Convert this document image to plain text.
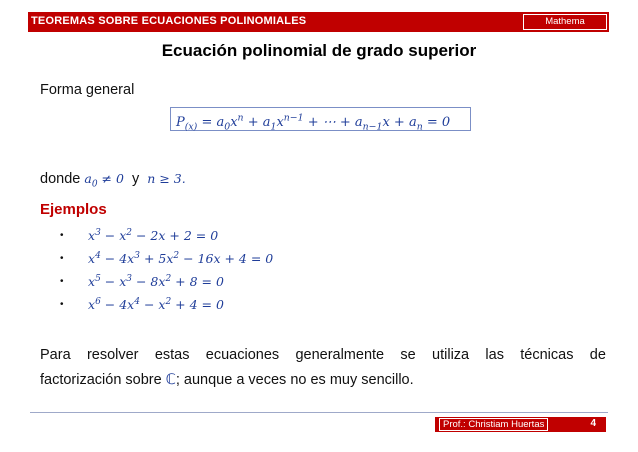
TEOREMAS SOBRE ECUACIONES POLINOMIALES	Mathema
Ecuación polinomial de grado superior
Forma general
$P_{(x)} = a_0x^n + a_1x^{n-1}$ + ⋯ + $a_{n-1}x + a_n = 0$
donde $a_0 \ne 0$ y n ≥ 3.
Ejemplos
• $x^3 - x^2 - 2x + 2 = 0$
• $x^4 - 4x^3 + 5x^2 - 16x + 4 = 0$
• $x^5 - x^3 - 8x^2 + 8 = 0$
• $x^6 - 4x^4 - x^2 + 4 = 0$
Para resolver estas ecuaciones generalmente se utiliza las técnicas de
factorización sobre ℂ; aunque a veces no es muy sencillo.
Prof.: Christiam Huertas	4
